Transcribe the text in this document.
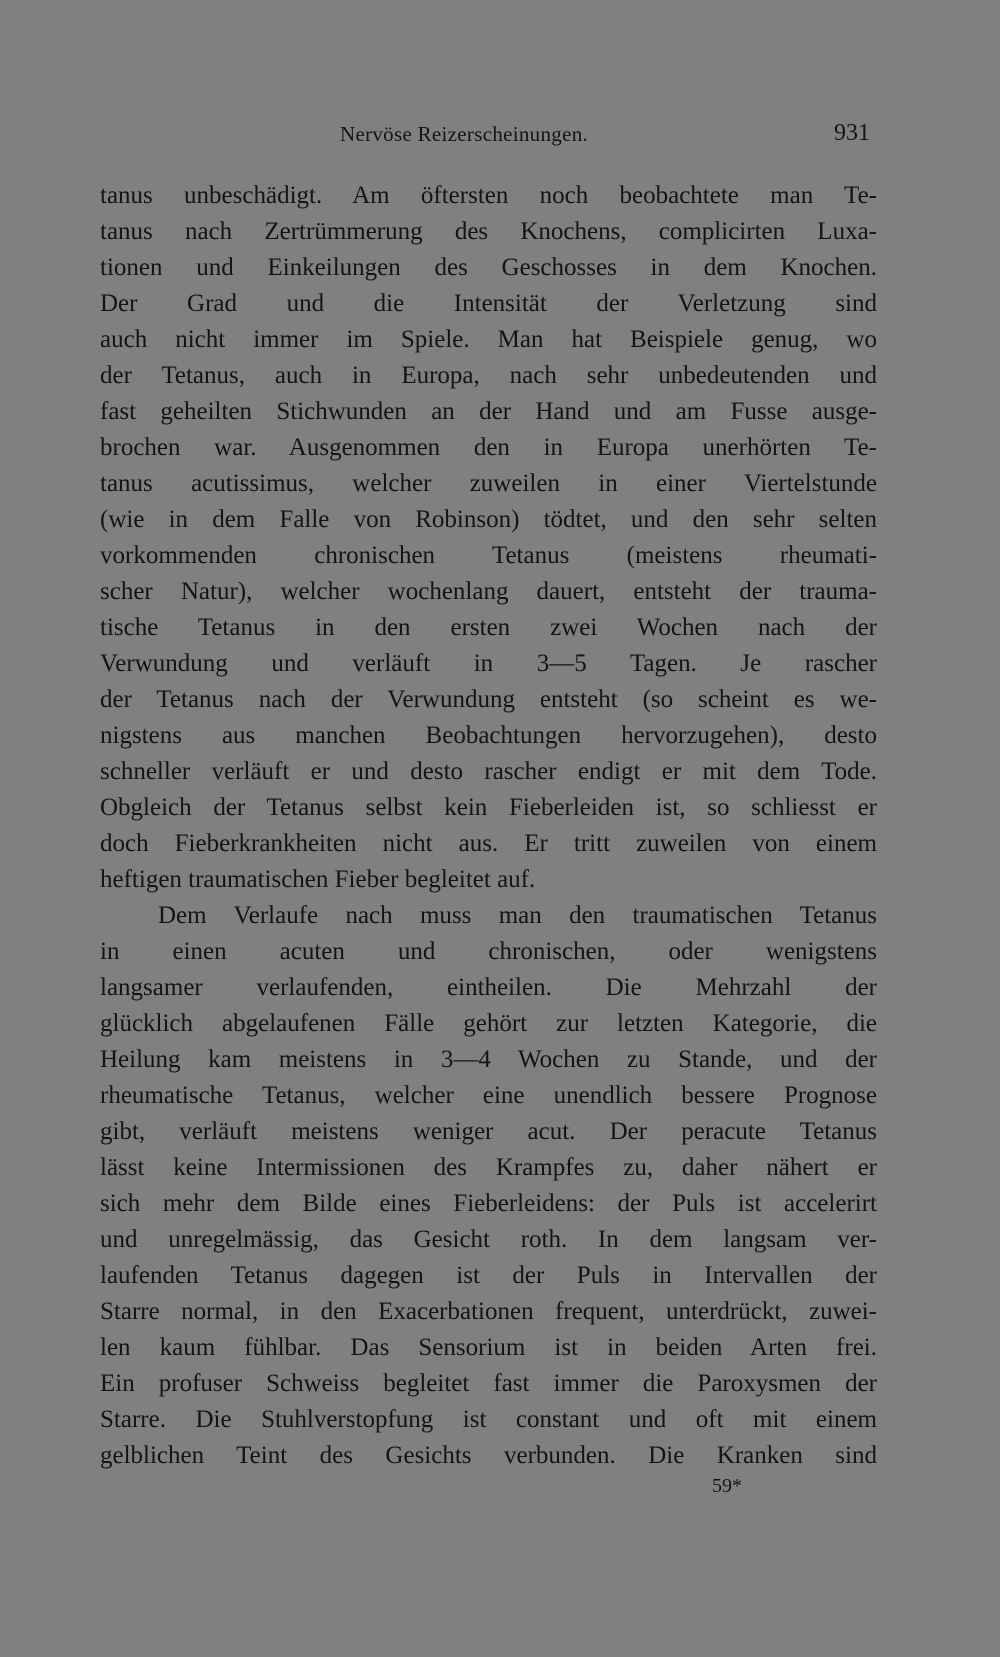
Nervöse Reizerscheinungen.	931
tanus unbeschädigt. Am öftersten noch beobachtete man Te-
tanus nach Zertrümmerung des Knochens, complicirten Luxa-
tionen und Einkeilungen des Geschosses in dem Knochen.
Der Grad und die Intensität der Verletzung sind
auch nicht immer im Spiele. Man hat Beispiele genug, wo
der Tetanus, auch in Europa, nach sehr unbedeutenden und
fast geheilten Stichwunden an der Hand und am Fusse ausge-
brochen war. Ausgenommen den in Europa unerhörten Te-
tanus acutissimus, welcher zuweilen in einer Viertelstunde
(wie in dem Falle von Robinson) tödtet, und den sehr selten
vorkommenden chronischen Tetanus (meistens rheumati-
scher Natur), welcher wochenlang dauert, entsteht der trauma-
tische Tetanus in den ersten zwei Wochen nach der
Verwundung und verläuft in 3—5 Tagen. Je rascher
der Tetanus nach der Verwundung entsteht (so scheint es we-
nigstens aus manchen Beobachtungen hervorzugehen), desto
schneller verläuft er und desto rascher endigt er mit dem Tode.
Obgleich der Tetanus selbst kein Fieberleiden ist, so schliesst er
doch Fieberkrankheiten nicht aus. Er tritt zuweilen von einem
heftigen traumatischen Fieber begleitet auf.
Dem Verlaufe nach muss man den traumatischen Tetanus
in einen acuten und chronischen, oder wenigstens
langsamer verlaufenden, eintheilen. Die Mehrzahl der
glücklich abgelaufenen Fälle gehört zur letzten Kategorie, die
Heilung kam meistens in 3—4 Wochen zu Stande, und der
rheumatische Tetanus, welcher eine unendlich bessere Prognose
gibt, verläuft meistens weniger acut. Der peracute Tetanus
lässt keine Intermissionen des Krampfes zu, daher nähert er
sich mehr dem Bilde eines Fieberleidens: der Puls ist accelerirt
und unregelmässig, das Gesicht roth. In dem langsam ver-
laufenden Tetanus dagegen ist der Puls in Intervallen der
Starre normal, in den Exacerbationen frequent, unterdrückt, zuwei-
len kaum fühlbar. Das Sensorium ist in beiden Arten frei.
Ein profuser Schweiss begleitet fast immer die Paroxysmen der
Starre. Die Stuhlverstopfung ist constant und oft mit einem
gelblichen Teint des Gesichts verbunden. Die Kranken sind
59*
